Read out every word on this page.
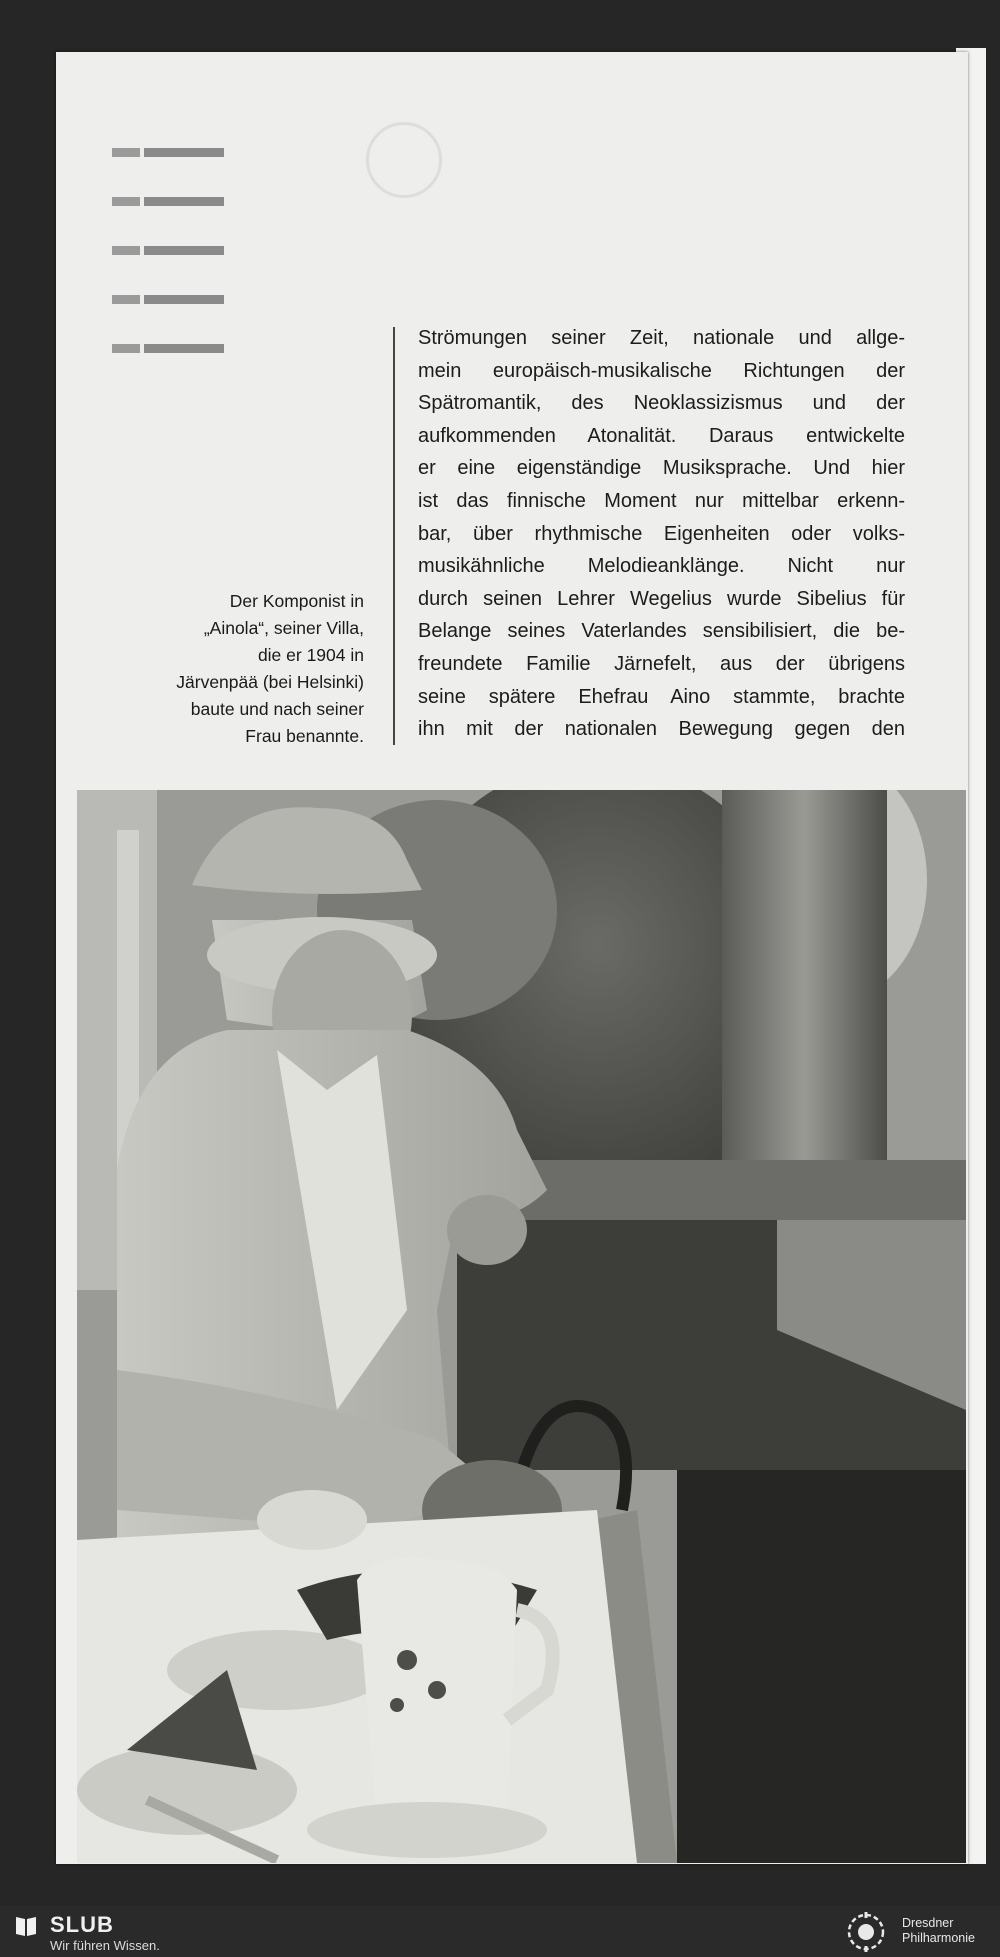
Der Komponist in
„Ainola“, seiner Villa,
die er 1904 in
Järvenpää (bei Helsinki)
baute und nach seiner
Frau benannte.
Strömungen seiner Zeit, nationale und allge-
mein europäisch-musikalische Richtungen der
Spätromantik, des Neoklassizismus und der
aufkommenden Atonalität. Daraus entwickelte
er eine eigenständige Musiksprache. Und hier
ist das finnische Moment nur mittelbar erkenn-
bar, über rhythmische Eigenheiten oder volks-
musikähnliche Melodieanklänge. Nicht nur
durch seinen Lehrer Wegelius wurde Sibelius für
Belange seines Vaterlandes sensibilisiert, die be-
freundete Familie Järnefelt, aus der übrigens
seine spätere Ehefrau Aino stammte, brachte
ihn mit der nationalen Bewegung gegen den
SLUB
Wir führen Wissen.
Dresdner
Philharmonie
